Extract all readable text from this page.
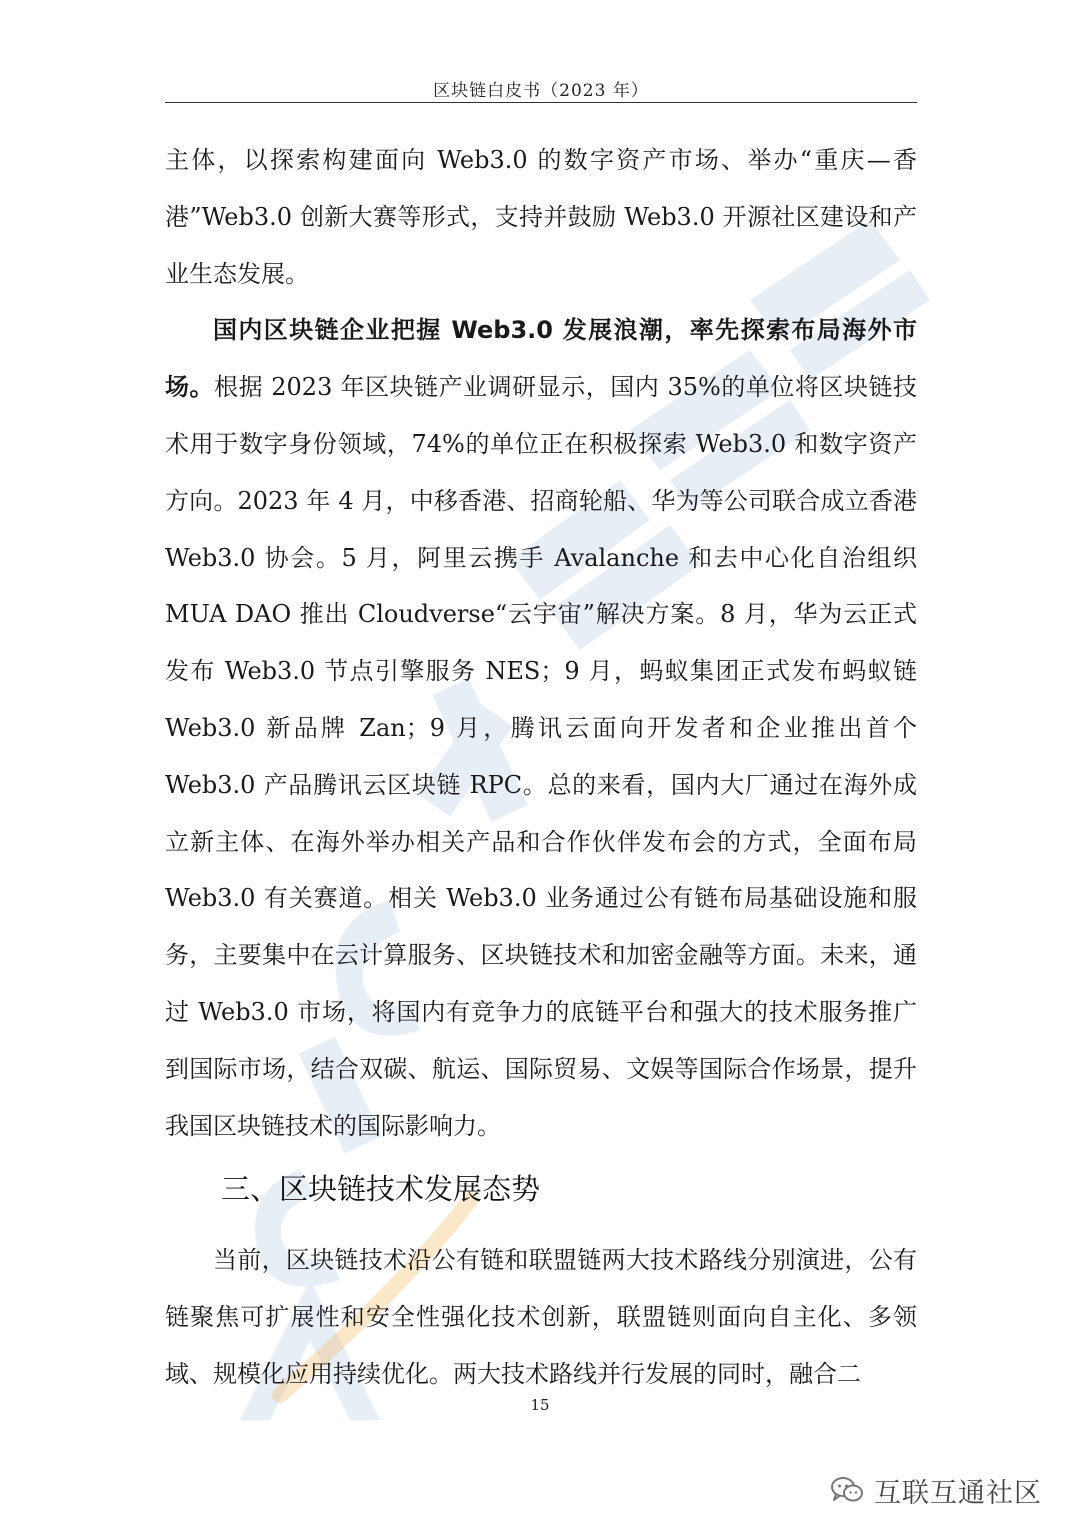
区块链白皮书（2023 年）

主体，以探索构建面向 Web3.0 的数字资产市场、举办“重庆—香港”Web3.0 创新大赛等形式，支持并鼓励 Web3.0 开源社区建设和产业生态发展。

国内区块链企业把握 Web3.0 发展浪潮，率先探索布局海外市场。根据 2023 年区块链产业调研显示，国内 35%的单位将区块链技术用于数字身份领域，74%的单位正在积极探索 Web3.0 和数字资产方向。2023 年 4 月，中移香港、招商轮船、华为等公司联合成立香港 Web3.0 协会。5 月，阿里云携手 Avalanche 和去中心化自治组织 MUA DAO 推出 Cloudverse“云宇宙”解决方案。8 月，华为云正式发布 Web3.0 节点引擎服务 NES；9 月，蚂蚁集团正式发布蚂蚁链 Web3.0 新品牌 Zan；9 月，腾讯云面向开发者和企业推出首个 Web3.0 产品腾讯云区块链 RPC。总的来看，国内大厂通过在海外成立新主体、在海外举办相关产品和合作伙伴发布会的方式，全面布局 Web3.0 有关赛道。相关 Web3.0 业务通过公有链布局基础设施和服务，主要集中在云计算服务、区块链技术和加密金融等方面。未来，通过 Web3.0 市场，将国内有竞争力的底链平台和强大的技术服务推广到国际市场，结合双碳、航运、国际贸易、文娱等国际合作场景，提升我国区块链技术的国际影响力。

三、区块链技术发展态势

当前，区块链技术沿公有链和联盟链两大技术路线分别演进，公有链聚焦可扩展性和安全性强化技术创新，联盟链则面向自主化、多领域、规模化应用持续优化。两大技术路线并行发展的同时，融合二

15
互联互通社区
